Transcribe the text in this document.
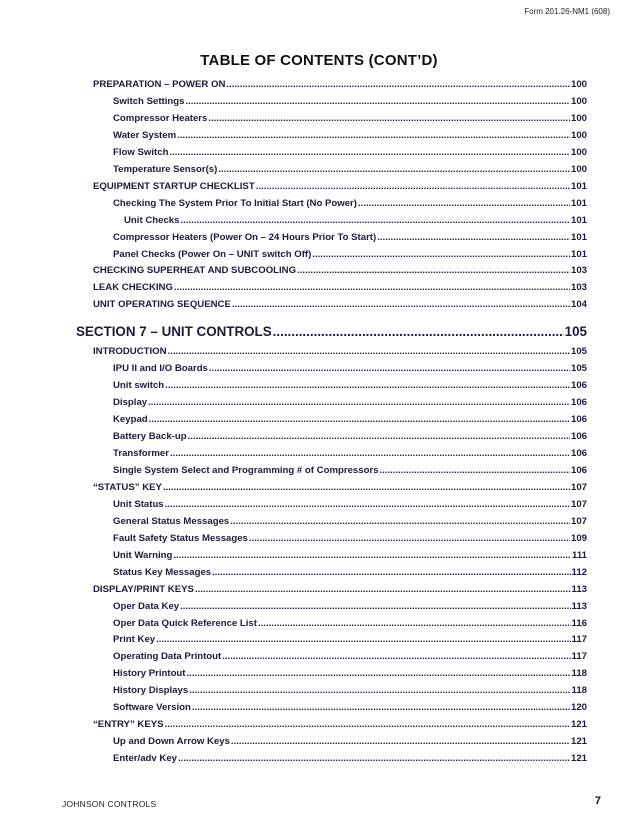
Form 201.26-NM1 (608)
TABLE OF CONTENTS (CONT’D)
PREPARATION – POWER ON .....	100
Switch Settings .....	100
Compressor Heaters .....	100
Water System .....	100
Flow Switch .....	100
Temperature Sensor(s) .....	100
EQUIPMENT STARTUP CHECKLIST .....	101
Checking The System Prior To Initial Start (No Power) .....	101
Unit Checks .....	101
Compressor Heaters (Power On – 24 Hours Prior To Start) .....	101
Panel Checks (Power On – UNIT switch Off) .....	101
CHECKING SUPERHEAT AND SUBCOOLING .....	103
LEAK CHECKING .....	103
UNIT OPERATING SEQUENCE .....	104
SECTION 7 – UNIT CONTROLS .....	105
INTRODUCTION .....	105
IPU II and I/O Boards .....	105
Unit switch .....	106
Display .....	106
Keypad .....	106
Battery Back-up .....	106
Transformer .....	106
Single System Select and Programming # of Compressors .....	106
“STATUS” KEY .....	107
Unit Status .....	107
General Status Messages .....	107
Fault Safety Status Messages .....	109
Unit Warning .....	111
Status Key Messages .....	112
DISPLAY/PRINT KEYS .....	113
Oper Data Key .....	113
Oper Data Quick Reference List .....	116
Print Key .....	117
Operating Data Printout .....	117
History Printout .....	118
History Displays .....	118
Software Version .....	120
“ENTRY” KEYS .....	121
Up and Down Arrow Keys .....	121
Enter/adv Key .....	121
JOHNSON CONTROLS	7
